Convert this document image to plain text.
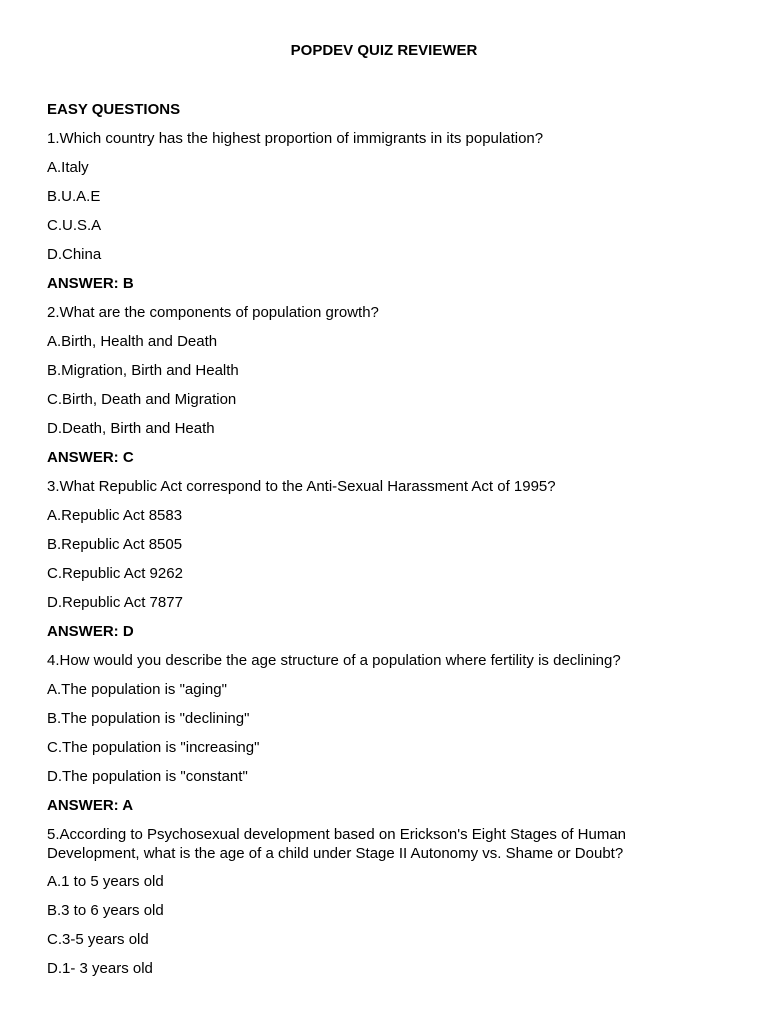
POPDEV QUIZ REVIEWER
EASY QUESTIONS
1.Which country has the highest proportion of immigrants in its population?
A.Italy
B.U.A.E
C.U.S.A
D.China
ANSWER: B
2.What are the components of population growth?
A.Birth, Health and Death
B.Migration, Birth and Health
C.Birth, Death and Migration
D.Death, Birth and Heath
ANSWER: C
3.What Republic Act correspond to the Anti-Sexual Harassment Act of 1995?
A.Republic Act 8583
B.Republic Act 8505
C.Republic Act 9262
D.Republic Act 7877
ANSWER: D
4.How would you describe the age structure of a population where fertility is declining?
A.The population is "aging"
B.The population is "declining"
C.The population is "increasing"
D.The population is "constant"
ANSWER: A
5.According to Psychosexual development based on Erickson's Eight Stages of Human Development, what is the age of a child under Stage II Autonomy vs. Shame or Doubt?
A.1 to 5 years old
B.3 to 6 years old
C.3-5 years old
D.1- 3 years old
